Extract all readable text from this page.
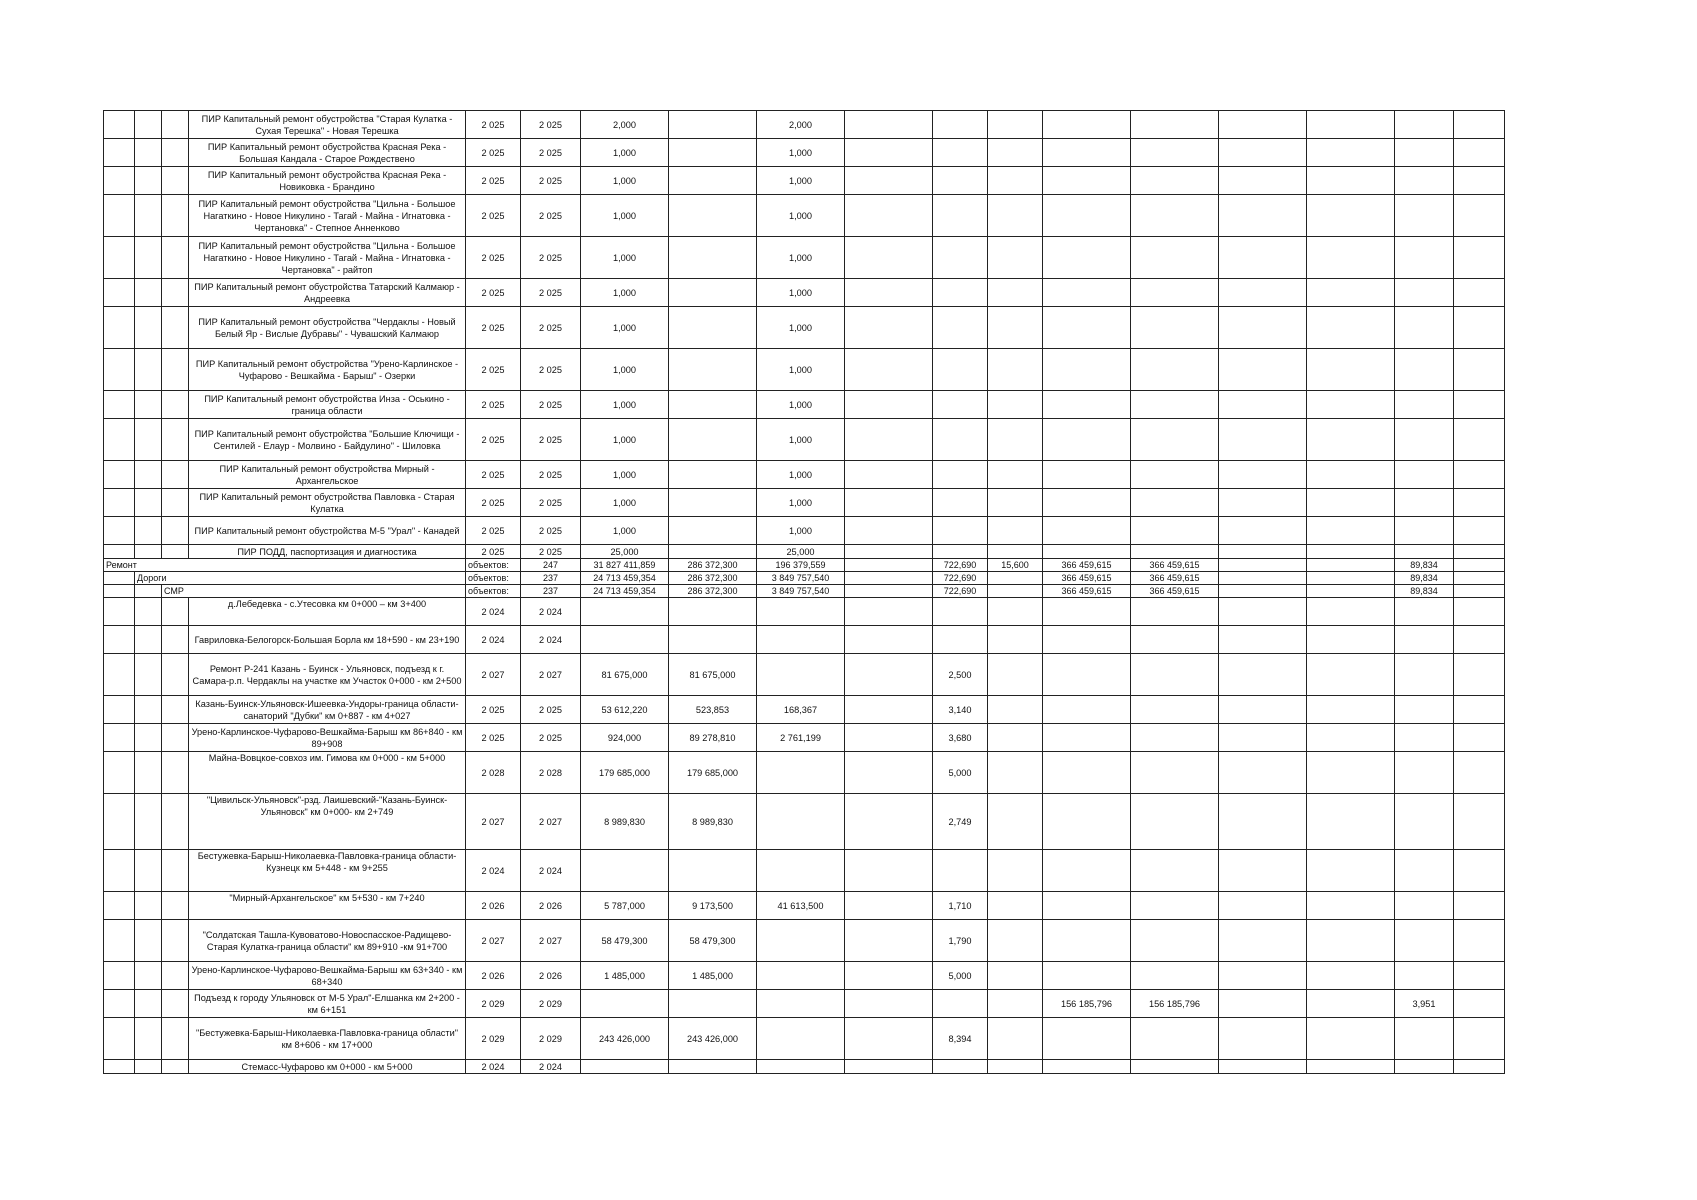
			ПИР Капитальный ремонт обустройства "Старая Кулатка - Сухая Терешка" - Новая Терешка	2 025	2 025	2,000		2,000									
			ПИР Капитальный ремонт обустройства Красная Река - Большая Кандала - Старое Рождествено	2 025	2 025	1,000		1,000									
			ПИР Капитальный ремонт обустройства Красная Река - Новиковка - Брандино	2 025	2 025	1,000		1,000									
			ПИР Капитальный ремонт обустройства "Цильна - Большое Нагаткино - Новое Никулино - Тагай - Майна - Игнатовка - Чертановка" - Степное Анненково	2 025	2 025	1,000		1,000									
			ПИР Капитальный ремонт обустройства "Цильна - Большое Нагаткино - Новое Никулино - Тагай - Майна - Игнатовка - Чертановка" - райтоп	2 025	2 025	1,000		1,000									
			ПИР Капитальный ремонт обустройства Татарский Калмаюр - Андреевка	2 025	2 025	1,000		1,000									
			ПИР Капитальный ремонт обустройства "Чердаклы - Новый Белый Яр - Вислые Дубравы" - Чувашский Калмаюр	2 025	2 025	1,000		1,000									
			ПИР Капитальный ремонт обустройства "Урено-Карлинское - Чуфарово - Вешкайма - Барыш" - Озерки	2 025	2 025	1,000		1,000									
			ПИР Капитальный ремонт обустройства Инза - Оськино - граница области	2 025	2 025	1,000		1,000									
			ПИР Капитальный ремонт обустройства "Большие Ключищи - Сентилей - Елаур - Молвино - Байдулино" - Шиловка	2 025	2 025	1,000		1,000									
			ПИР Капитальный ремонт обустройства Мирный - Архангельское	2 025	2 025	1,000		1,000									
			ПИР Капитальный ремонт обустройства Павловка - Старая Кулатка	2 025	2 025	1,000		1,000									
			ПИР Капитальный ремонт обустройства М-5 "Урал" - Канадей	2 025	2 025	1,000		1,000									
			ПИР ПОДД, паспортизация и диагностика	2 025	2 025	25,000		25,000									
Ремонт				объектов:	247	31 827 411,859	286 372,300	196 379,559		722,690	15,600	366 459,615	366 459,615			89,834	
	Дороги			объектов:	237	24 713 459,354	286 372,300	3 849 757,540		722,690		366 459,615	366 459,615			89,834	
		СМР		объектов:	237	24 713 459,354	286 372,300	3 849 757,540		722,690		366 459,615	366 459,615			89,834	
			д.Лебедевка - с.Утесовка км 0+000 – км 3+400	2 024	2 024												
			Гавриловка-Белогорск-Большая Борла км 18+590 - км 23+190	2 024	2 024												
			Ремонт Р-241 Казань - Буинск - Ульяновск, подъезд к г. Самара-р.п. Чердаклы на участке км Участок 0+000 - км 2+500	2 027	2 027	81 675,000	81 675,000			2,500							
			Казань-Буинск-Ульяновск-Ишеевка-Ундоры-граница области-санаторий "Дубки" км 0+887 - км 4+027	2 025	2 025	53 612,220	523,853	168,367		3,140							
			Урено-Карлинское-Чуфарово-Вешкайма-Барыш км 86+840 - км 89+908	2 025	2 025	924,000	89 278,810	2 761,199		3,680							
			Майна-Вовцкое-совхоз им. Гимова км 0+000 - км 5+000	2 028	2 028	179 685,000	179 685,000			5,000							
			"Цивильск-Ульяновск"-рзд. Лаишевский-"Казань-Буинск-Ульяновск" км 0+000- км 2+749	2 027	2 027	8 989,830	8 989,830			2,749							
			Бестужевка-Барыш-Николаевка-Павловка-граница области-Кузнецк км 5+448 - км 9+255	2 024	2 024												
			"Мирный-Архангельское" км 5+530 - км 7+240	2 026	2 026	5 787,000	9 173,500	41 613,500		1,710							
			"Солдатская Ташла-Кувоватово-Новоспасское-Радищево-Старая Кулатка-граница области" км 89+910 -км 91+700	2 027	2 027	58 479,300	58 479,300			1,790							
			Урено-Карлинское-Чуфарово-Вешкайма-Барыш км 63+340 - км 68+340	2 026	2 026	1 485,000	1 485,000			5,000							
			Подъезд к городу Ульяновск от М-5 Урал"-Елшанка км 2+200 - км 6+151	2 029	2 029							156 185,796	156 185,796			3,951	
			"Бестужевка-Барыш-Николаевка-Павловка-граница области" км 8+606 - км 17+000	2 029	2 029	243 426,000	243 426,000			8,394							
			Стемасс-Чуфарово км 0+000 - км 5+000	2 024	2 024												
